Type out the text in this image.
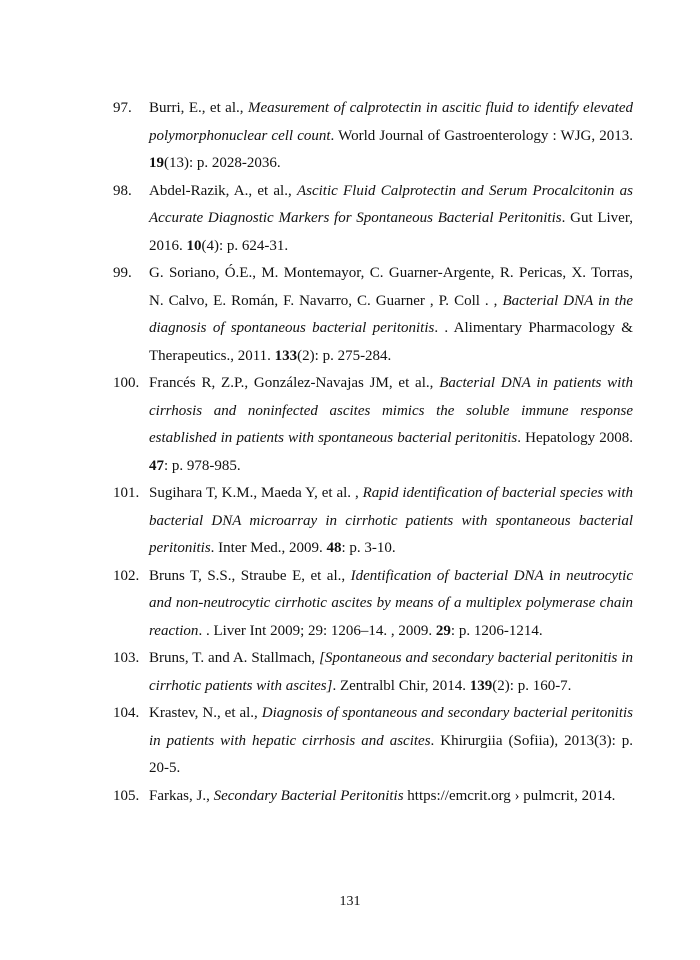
97. Burri, E., et al., Measurement of calprotectin in ascitic fluid to identify elevated polymorphonuclear cell count. World Journal of Gastroenterology : WJG, 2013. 19(13): p. 2028-2036.
98. Abdel-Razik, A., et al., Ascitic Fluid Calprotectin and Serum Procalcitonin as Accurate Diagnostic Markers for Spontaneous Bacterial Peritonitis. Gut Liver, 2016. 10(4): p. 624-31.
99. G. Soriano, Ó.E., M. Montemayor, C. Guarner-Argente, R. Pericas, X. Torras, N. Calvo, E. Román, F. Navarro, C. Guarner , P. Coll . , Bacterial DNA in the diagnosis of spontaneous bacterial peritonitis. . Alimentary Pharmacology & Therapeutics., 2011. 133(2): p. 275-284.
100. Francés R, Z.P., González-Navajas JM, et al., Bacterial DNA in patients with cirrhosis and noninfected ascites mimics the soluble immune response established in patients with spontaneous bacterial peritonitis. Hepatology 2008. 47: p. 978-985.
101. Sugihara T, K.M., Maeda Y, et al. , Rapid identification of bacterial species with bacterial DNA microarray in cirrhotic patients with spontaneous bacterial peritonitis. Inter Med., 2009. 48: p. 3-10.
102. Bruns T, S.S., Straube E, et al., Identification of bacterial DNA in neutrocytic and non-neutrocytic cirrhotic ascites by means of a multiplex polymerase chain reaction. . Liver Int 2009; 29: 1206–14. , 2009. 29: p. 1206-1214.
103. Bruns, T. and A. Stallmach, [Spontaneous and secondary bacterial peritonitis in cirrhotic patients with ascites]. Zentralbl Chir, 2014. 139(2): p. 160-7.
104. Krastev, N., et al., Diagnosis of spontaneous and secondary bacterial peritonitis in patients with hepatic cirrhosis and ascites. Khirurgiia (Sofiia), 2013(3): p. 20-5.
105. Farkas, J., Secondary Bacterial Peritonitis https://emcrit.org › pulmcrit, 2014.
131
